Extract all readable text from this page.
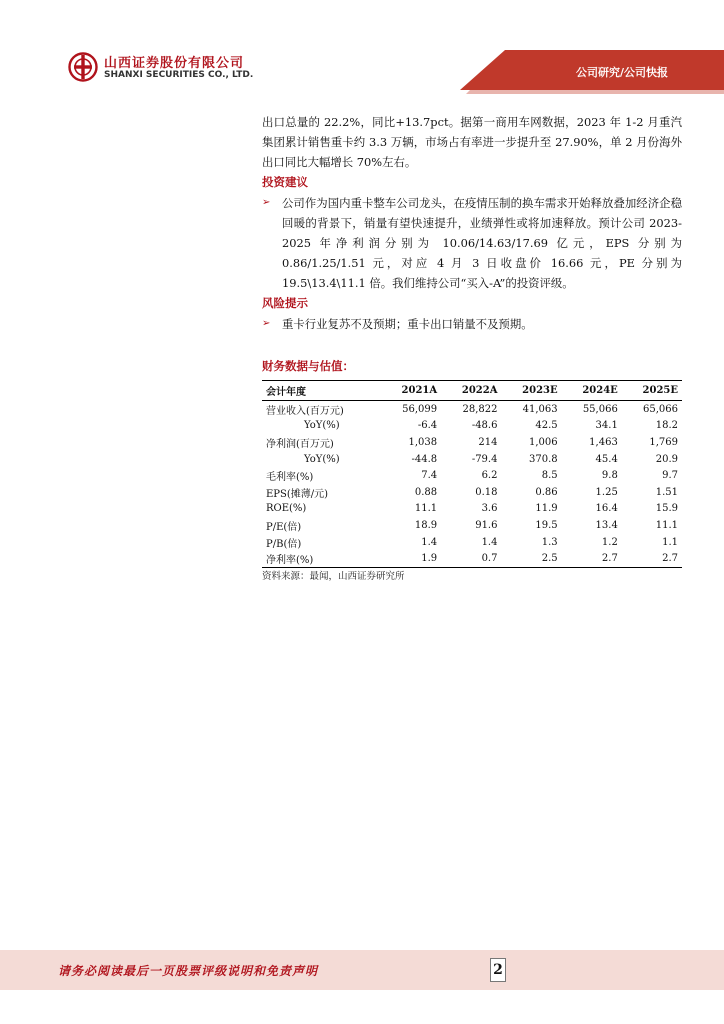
山西证券股份有限公司
SHANXI SECURITIES CO., LTD.	公司研究/公司快报

出口总量的 22.2%，同比+13.7pct。据第一商用车网数据，2023 年 1-2 月重汽集团累计销售重卡约 3.3 万辆，市场占有率进一步提升至 27.90%，单 2 月份海外出口同比大幅增长 70%左右。

投资建议

➢	公司作为国内重卡整车公司龙头，在疫情压制的换车需求开始释放叠加经济企稳回暖的背景下，销量有望快速提升，业绩弹性或将加速释放。预计公司 2023-2025 年净利润分别为 10.06/14.63/17.69 亿元，EPS 分别为 0.86/1.25/1.51 元，对应 4 月 3 日收盘价 16.66 元，PE 分别为 19.5\13.4\11.1 倍。我们维持公司“买入-A”的投资评级。

风险提示

➢	重卡行业复苏不及预期；重卡出口销量不及预期。

财务数据与估值：
会计年度	2021A	2022A	2023E	2024E	2025E
营业收入(百万元)	56,099	28,822	41,063	55,066	65,066
YoY(%)	-6.4	-48.6	42.5	34.1	18.2
净利润(百万元)	1,038	214	1,006	1,463	1,769
YoY(%)	-44.8	-79.4	370.8	45.4	20.9
毛利率(%)	7.4	6.2	8.5	9.8	9.7
EPS(摊薄/元)	0.88	0.18	0.86	1.25	1.51
ROE(%)	11.1	3.6	11.9	16.4	15.9
P/E(倍)	18.9	91.6	19.5	13.4	11.1
P/B(倍)	1.4	1.4	1.3	1.2	1.1
净利率(%)	1.9	0.7	2.5	2.7	2.7
资料来源：最闻，山西证券研究所
请务必阅读最后一页股票评级说明和免责声明	2
